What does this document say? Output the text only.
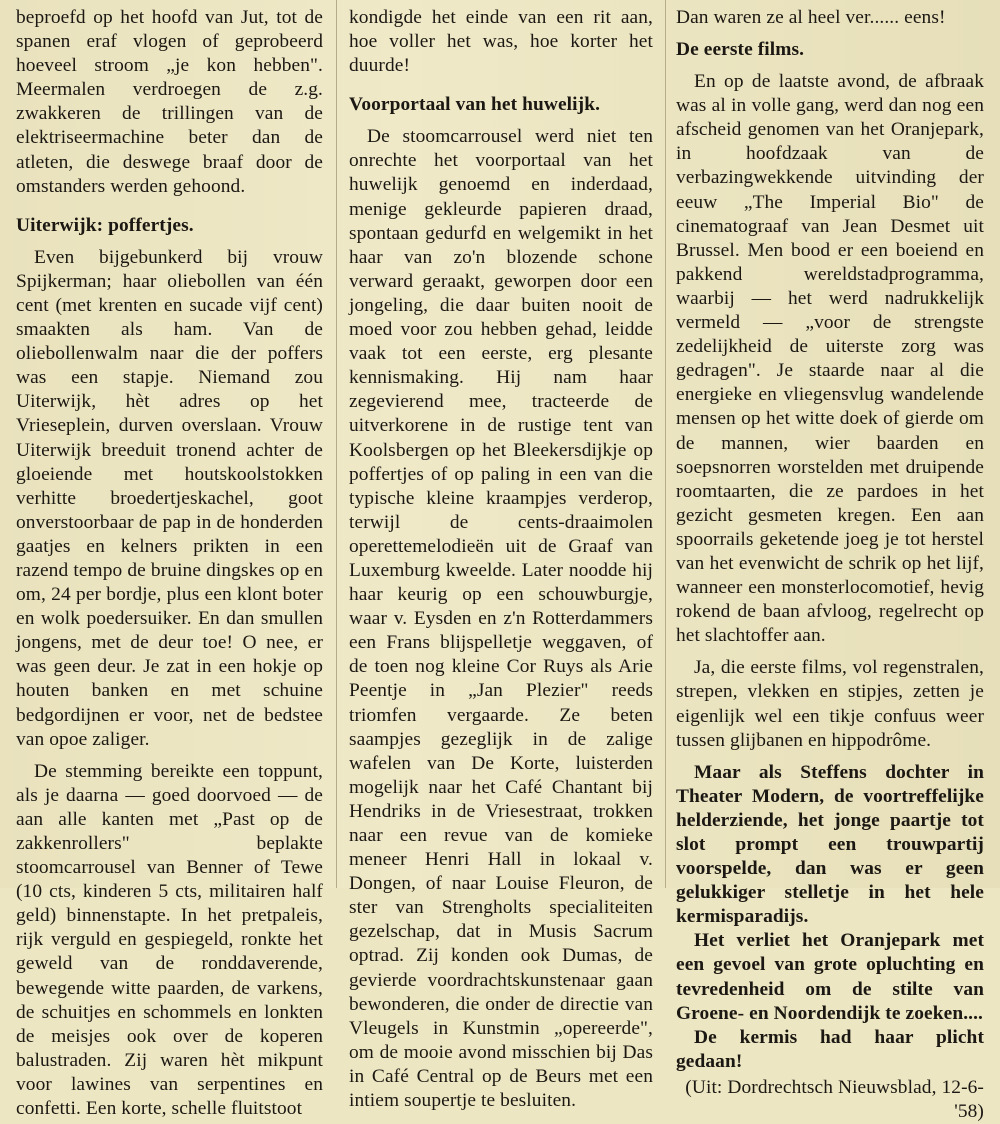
beproefd op het hoofd van Jut, tot de spanen eraf vlogen of geprobeerd hoeveel stroom „je kon hebben". Meermalen verdroegen de z.g. zwakkeren de trillingen van de elektriseermachine beter dan de atleten, die deswege braaf door de omstanders werden gehoond.

Uiterwijk: poffertjes.

Even bijgebunkerd bij vrouw Spijkerman; haar oliebollen van één cent (met krenten en sucade vijf cent) smaakten als ham. Van de oliebollenwalm naar die der poffers was een stapje. Niemand zou Uiterwijk, hèt adres op het Vrieseplein, durven overslaan. Vrouw Uiterwijk breeduit tronend achter de gloeiende met houtskoolstokken verhitte broedertjeskachel, goot onverstoorbaar de pap in de honderden gaatjes en kelners prikten in een razend tempo de bruine dingskes op en om, 24 per bordje, plus een klont boter en wolk poedersuiker. En dan smullen jongens, met de deur toe! O nee, er was geen deur. Je zat in een hokje op houten banken en met schuine bedgordijnen er voor, net de bedstee van opoe zaliger.

De stemming bereikte een toppunt, als je daarna — goed doorvoed — de aan alle kanten met „Past op de zakkenrollers" beplakte stoomcarrousel van Benner of Tewe (10 cts, kinderen 5 cts, militairen half geld) binnenstapte. In het pretpaleis, rijk verguld en gespiegeld, ronkte het geweld van de ronddaverende, bewegende witte paarden, de varkens, de schuitjes en schommels en lonkten de meisjes ook over de koperen balustraden. Zij waren hèt mikpunt voor lawines van serpentines en confetti. Een korte, schelle fluitstoot

kondigde het einde van een rit aan, hoe voller het was, hoe korter het duurde!

Voorportaal van het huwelijk.

De stoomcarrousel werd niet ten onrechte het voorportaal van het huwelijk genoemd en inderdaad, menige gekleurde papieren draad, spontaan gedurfd en welgemikt in het haar van zo'n blozende schone verward geraakt, geworpen door een jongeling, die daar buiten nooit de moed voor zou hebben gehad, leidde vaak tot een eerste, erg plesante kennismaking. Hij nam haar zegevierend mee, tracteerde de uitverkorene in de rustige tent van Koolsbergen op het Bleekersdijkje op poffertjes of op paling in een van die typische kleine kraampjes verderop, terwijl de cents-draaimolen operettemelodieën uit de Graaf van Luxemburg kweelde. Later noodde hij haar keurig op een schouwburgje, waar v. Eysden en z'n Rotterdammers een Frans blijspelletje weggaven, of de toen nog kleine Cor Ruys als Arie Peentje in „Jan Plezier" reeds triomfen vergaarde. Ze beten saampjes gezeglijk in de zalige wafelen van De Korte, luisterden mogelijk naar het Café Chantant bij Hendriks in de Vriesestraat, trokken naar een revue van de komieke meneer Henri Hall in lokaal v. Dongen, of naar Louise Fleuron, de ster van Strengholts specialiteiten gezelschap, dat in Musis Sacrum optrad. Zij konden ook Dumas, de gevierde voordrachtskunstenaar gaan bewonderen, die onder de directie van Vleugels in Kunstmin „opereerde", om de mooie avond misschien bij Das in Café Central op de Beurs met een intiem soupertje te besluiten.

Dan waren ze al heel ver...... eens!

De eerste films.

En op de laatste avond, de afbraak was al in volle gang, werd dan nog een afscheid genomen van het Oranjepark, in hoofdzaak van de verbazingwekkende uitvinding der eeuw „The Imperial Bio" de cinematograaf van Jean Desmet uit Brussel. Men bood er een boeiend en pakkend wereldstadprogramma, waarbij — het werd nadrukkelijk vermeld — „voor de strengste zedelijkheid de uiterste zorg was gedragen". Je staarde naar al die energieke en vliegensvlug wandelende mensen op het witte doek of gierde om de mannen, wier baarden en soepsnorren worstelden met druipende roomtaarten, die ze pardoes in het gezicht gesmeten kregen. Een aan spoorrails geketende joeg je tot herstel van het evenwicht de schrik op het lijf, wanneer een monsterlocomotief, hevig rokend de baan afvloog, regelrecht op het slachtoffer aan.

Ja, die eerste films, vol regenstralen, strepen, vlekken en stipjes, zetten je eigenlijk wel een tikje confuus weer tussen glijbanen en hippodrôme.

Maar als Steffens dochter in Theater Modern, de voortreffelijke helderziende, het jonge paartje tot slot prompt een trouwpartij voorspelde, dan was er geen gelukkiger stelletje in het hele kermisparadijs.

Het verliet het Oranjepark met een gevoel van grote opluchting en tevredenheid om de stilte van Groene- en Noordendijk te zoeken....

De kermis had haar plicht gedaan!

(Uit: Dordrechtsch Nieuwsblad, 12-6-'58)
